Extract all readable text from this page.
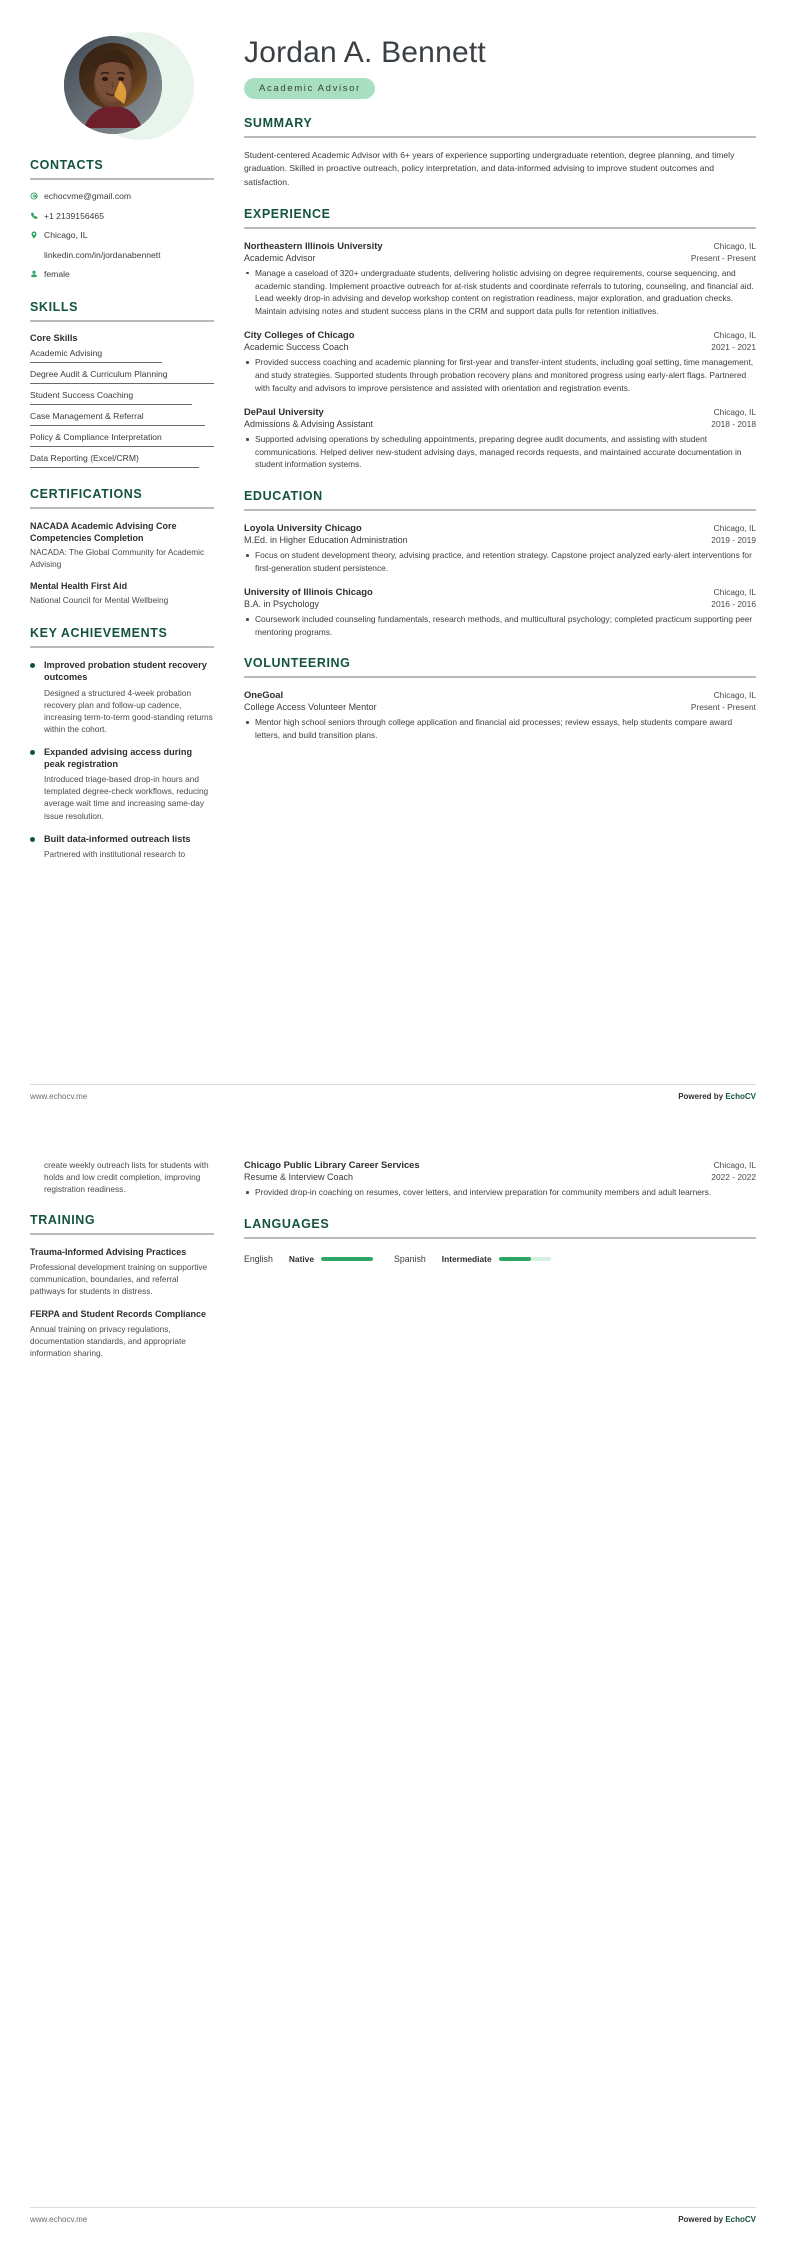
CONTACTS
echocvme@gmail.com
+1 2139156465
Chicago, IL
linkedin.com/in/jordanabennett
female
SKILLS
Core Skills
Academic Advising
Degree Audit & Curriculum Planning
Student Success Coaching
Case Management & Referral
Policy & Compliance Interpretation
Data Reporting (Excel/CRM)
CERTIFICATIONS
NACADA Academic Advising Core Competencies Completion
NACADA: The Global Community for Academic Advising
Mental Health First Aid
National Council for Mental Wellbeing
KEY ACHIEVEMENTS
Improved probation student recovery outcomes
Designed a structured 4-week probation recovery plan and follow-up cadence, increasing term-to-term good-standing returns within the cohort.
Expanded advising access during peak registration
Introduced triage-based drop-in hours and templated degree-check workflows, reducing average wait time and increasing same-day issue resolution.
Built data-informed outreach lists
Partnered with institutional research to
Jordan A. Bennett
Academic Advisor
SUMMARY
Student-centered Academic Advisor with 6+ years of experience supporting undergraduate retention, degree planning, and timely graduation. Skilled in proactive outreach, policy interpretation, and data-informed advising to improve student outcomes and satisfaction.
EXPERIENCE
Northeastern Illinois University	Chicago, IL
Academic Advisor	Present - Present
Manage a caseload of 320+ undergraduate students, delivering holistic advising on degree requirements, course sequencing, and academic standing. Implement proactive outreach for at-risk students and coordinate referrals to tutoring, counseling, and financial aid. Lead weekly drop-in advising and develop workshop content on registration readiness, major exploration, and graduation checks. Maintain advising notes and student success plans in the CRM and support data pulls for retention initiatives.
City Colleges of Chicago	Chicago, IL
Academic Success Coach	2021 - 2021
Provided success coaching and academic planning for first-year and transfer-intent students, including goal setting, time management, and study strategies. Supported students through probation recovery plans and monitored progress using early-alert flags. Partnered with faculty and advisors to improve persistence and assisted with orientation and registration events.
DePaul University	Chicago, IL
Admissions & Advising Assistant	2018 - 2018
Supported advising operations by scheduling appointments, preparing degree audit documents, and assisting with student communications. Helped deliver new-student advising days, managed records requests, and maintained accurate documentation in student information systems.
EDUCATION
Loyola University Chicago	Chicago, IL
M.Ed. in Higher Education Administration	2019 - 2019
Focus on student development theory, advising practice, and retention strategy. Capstone project analyzed early-alert interventions for first-generation student persistence.
University of Illinois Chicago	Chicago, IL
B.A. in Psychology	2016 - 2016
Coursework included counseling fundamentals, research methods, and multicultural psychology; completed practicum supporting peer mentoring programs.
VOLUNTEERING
OneGoal	Chicago, IL
College Access Volunteer Mentor	Present - Present
Mentor high school seniors through college application and financial aid processes; review essays, help students compare award letters, and build transition plans.
www.echocv.me	Powered by EchoCV
create weekly outreach lists for students with holds and low credit completion, improving registration readiness.
TRAINING
Trauma-Informed Advising Practices
Professional development training on supportive communication, boundaries, and referral pathways for students in distress.
FERPA and Student Records Compliance
Annual training on privacy regulations, documentation standards, and appropriate information sharing.
Chicago Public Library Career Services	Chicago, IL
Resume & Interview Coach	2022 - 2022
Provided drop-in coaching on resumes, cover letters, and interview preparation for community members and adult learners.
LANGUAGES
English Native	Spanish Intermediate
www.echocv.me	Powered by EchoCV
